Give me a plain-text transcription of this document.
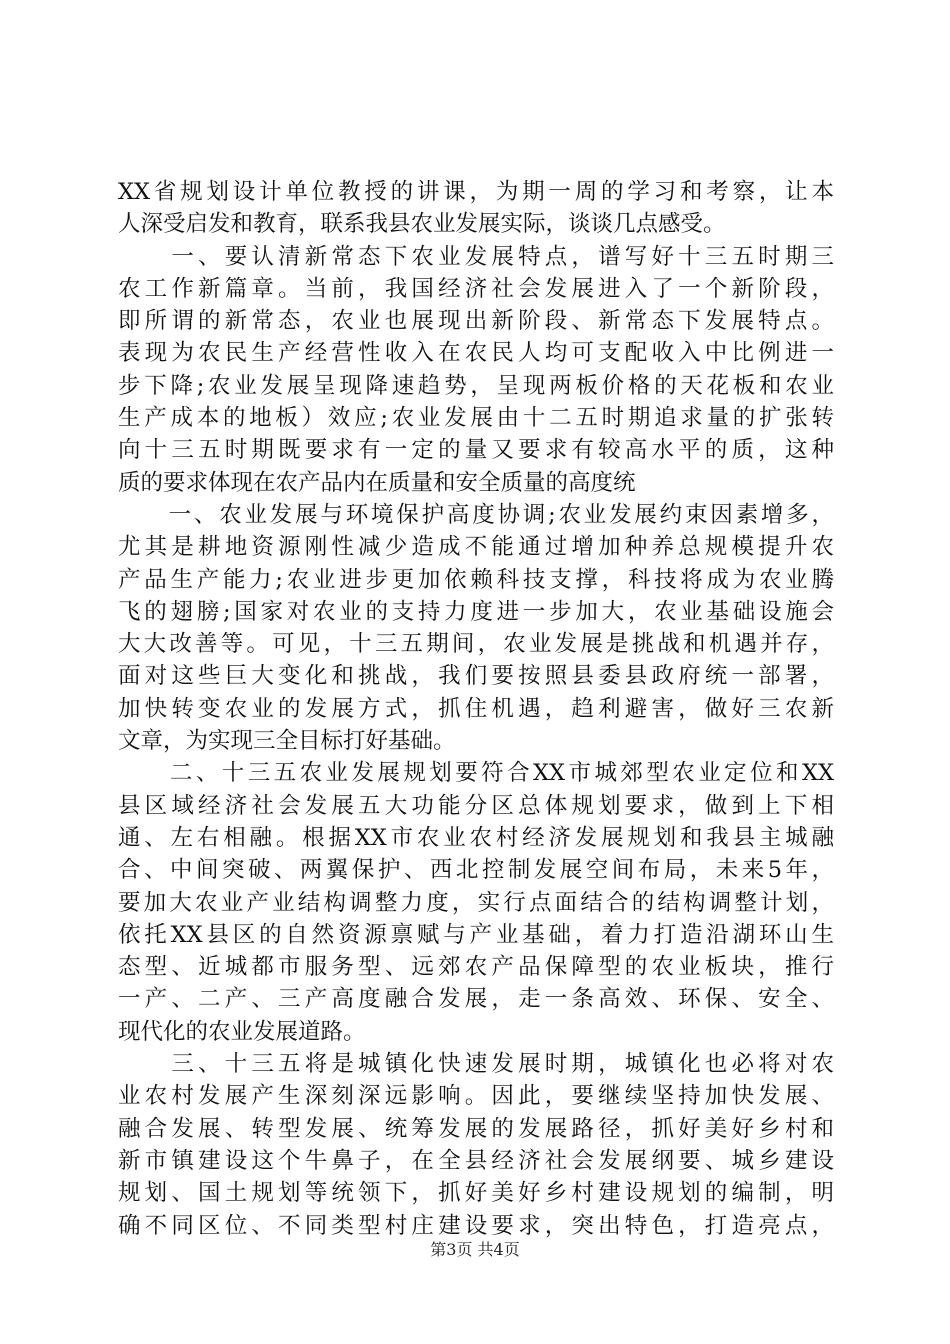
XX省规划设计单位教授的讲课，为期一周的学习和考察，让本
人深受启发和教育，联系我县农业发展实际，谈谈几点感受。
　　一、要认清新常态下农业发展特点，谱写好十三五时期三
农工作新篇章。当前，我国经济社会发展进入了一个新阶段，
即所谓的新常态，农业也展现出新阶段、新常态下发展特点。
表现为农民生产经营性收入在农民人均可支配收入中比例进一
步下降;农业发展呈现降速趋势，呈现两板价格的天花板和农业
生产成本的地板）效应;农业发展由十二五时期追求量的扩张转
向十三五时期既要求有一定的量又要求有较高水平的质，这种
质的要求体现在农产品内在质量和安全质量的高度统
　　一、农业发展与环境保护高度协调;农业发展约束因素增多，
尤其是耕地资源刚性减少造成不能通过增加种养总规模提升农
产品生产能力;农业进步更加依赖科技支撑，科技将成为农业腾
飞的翅膀;国家对农业的支持力度进一步加大，农业基础设施会
大大改善等。可见，十三五期间，农业发展是挑战和机遇并存，
面对这些巨大变化和挑战，我们要按照县委县政府统一部署，
加快转变农业的发展方式，抓住机遇，趋利避害，做好三农新
文章，为实现三全目标打好基础。
　　二、十三五农业发展规划要符合XX市城郊型农业定位和XX
县区域经济社会发展五大功能分区总体规划要求，做到上下相
通、左右相融。根据XX市农业农村经济发展规划和我县主城融
合、中间突破、两翼保护、西北控制发展空间布局，未来5年，
要加大农业产业结构调整力度，实行点面结合的结构调整计划，
依托XX县区的自然资源禀赋与产业基础，着力打造沿湖环山生
态型、近城都市服务型、远郊农产品保障型的农业板块，推行
一产、二产、三产高度融合发展，走一条高效、环保、安全、
现代化的农业发展道路。
　　三、十三五将是城镇化快速发展时期，城镇化也必将对农
业农村发展产生深刻深远影响。因此，要继续坚持加快发展、
融合发展、转型发展、统筹发展的发展路径，抓好美好乡村和
新市镇建设这个牛鼻子，在全县经济社会发展纲要、城乡建设
规划、国土规划等统领下，抓好美好乡村建设规划的编制，明
确不同区位、不同类型村庄建设要求，突出特色，打造亮点，
第3页 共4页
